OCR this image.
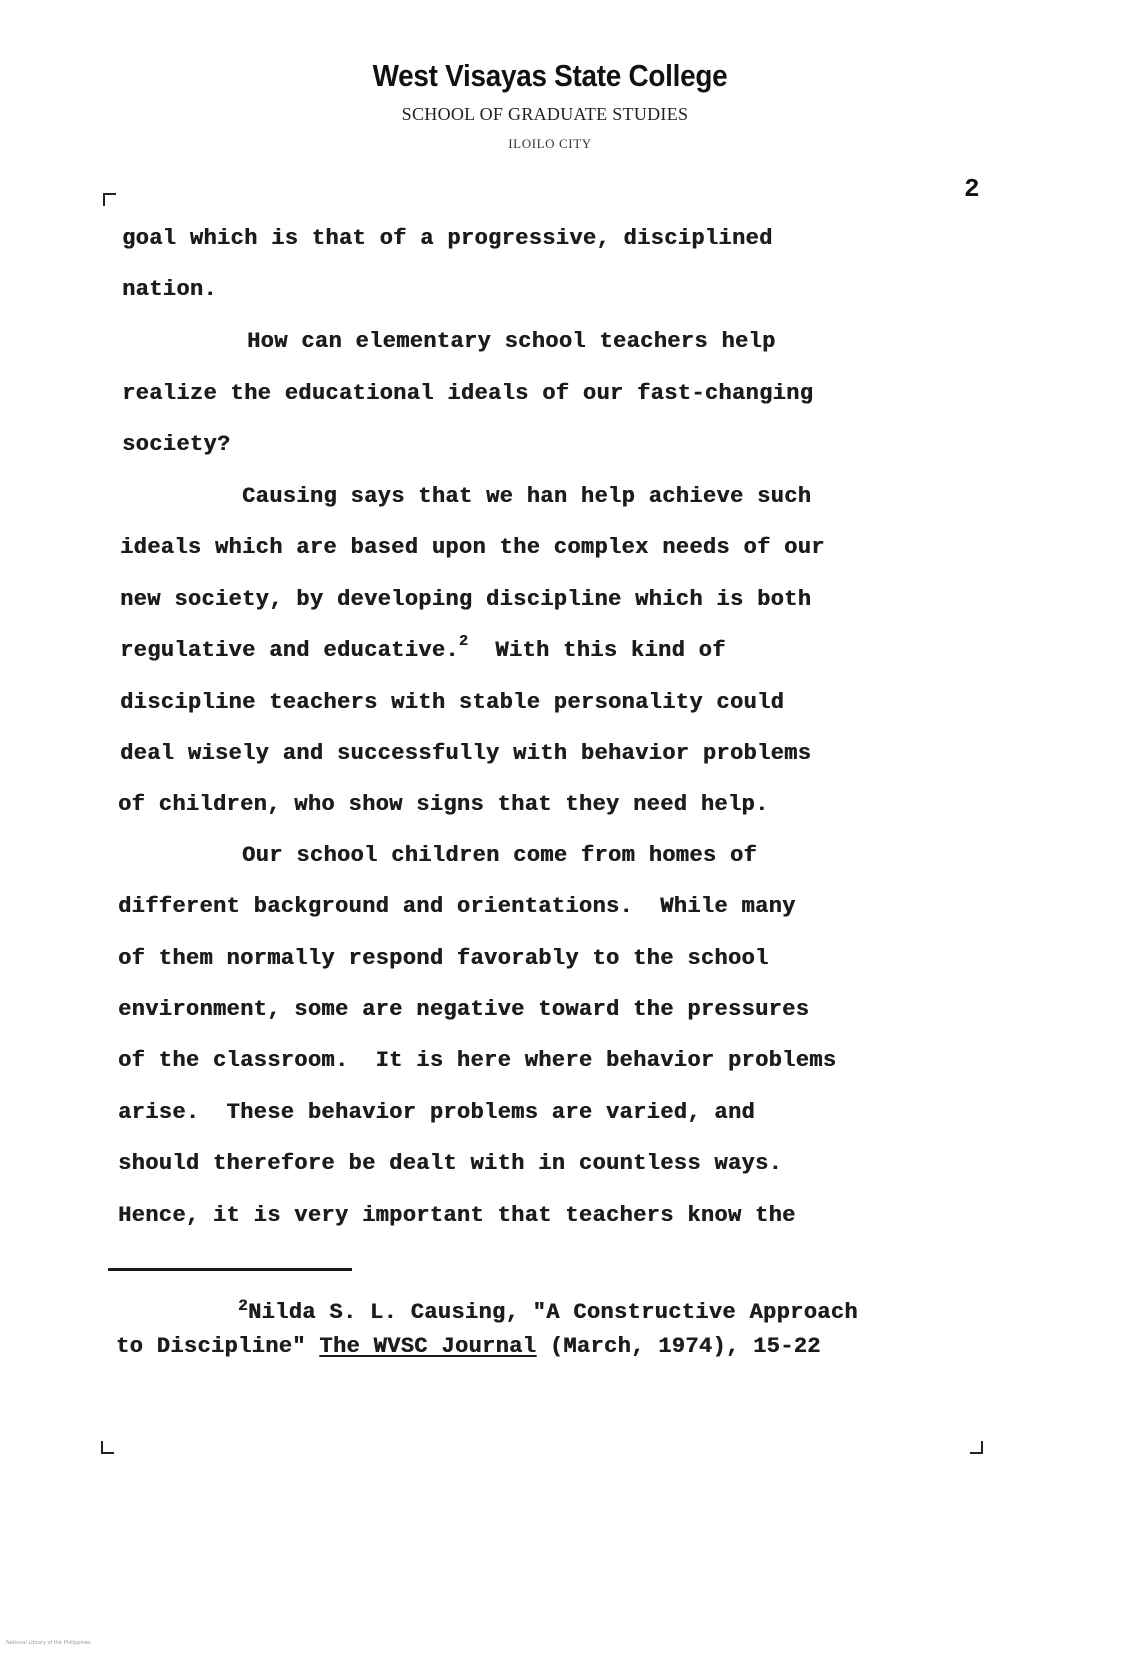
West Visayas State College
SCHOOL OF GRADUATE STUDIES
ILOILO CITY
2
goal which is that of a progressive, disciplined
nation.
How can elementary school teachers help
realize the educational ideals of our fast-changing
society?
Causing says that we han help achieve such
ideals which are based upon the complex needs of our
new society, by developing discipline which is both
regulative and educative.$^2$  With this kind of
discipline teachers with stable personality could
deal wisely and successfully with behavior problems
of children, who show signs that they need help.
Our school children come from homes of
different background and orientations.  While many
of them normally respond favorably to the school
environment, some are negative toward the pressures
of the classroom.  It is here where behavior problems
arise.  These behavior problems are varied, and
should therefore be dealt with in countless ways.
Hence, it is very important that teachers know the
$^2$Nilda S. L. Causing, "A Constructive Approach
to Discipline" The WVSC Journal (March, 1974), 15-22
National Library of the Philippines
